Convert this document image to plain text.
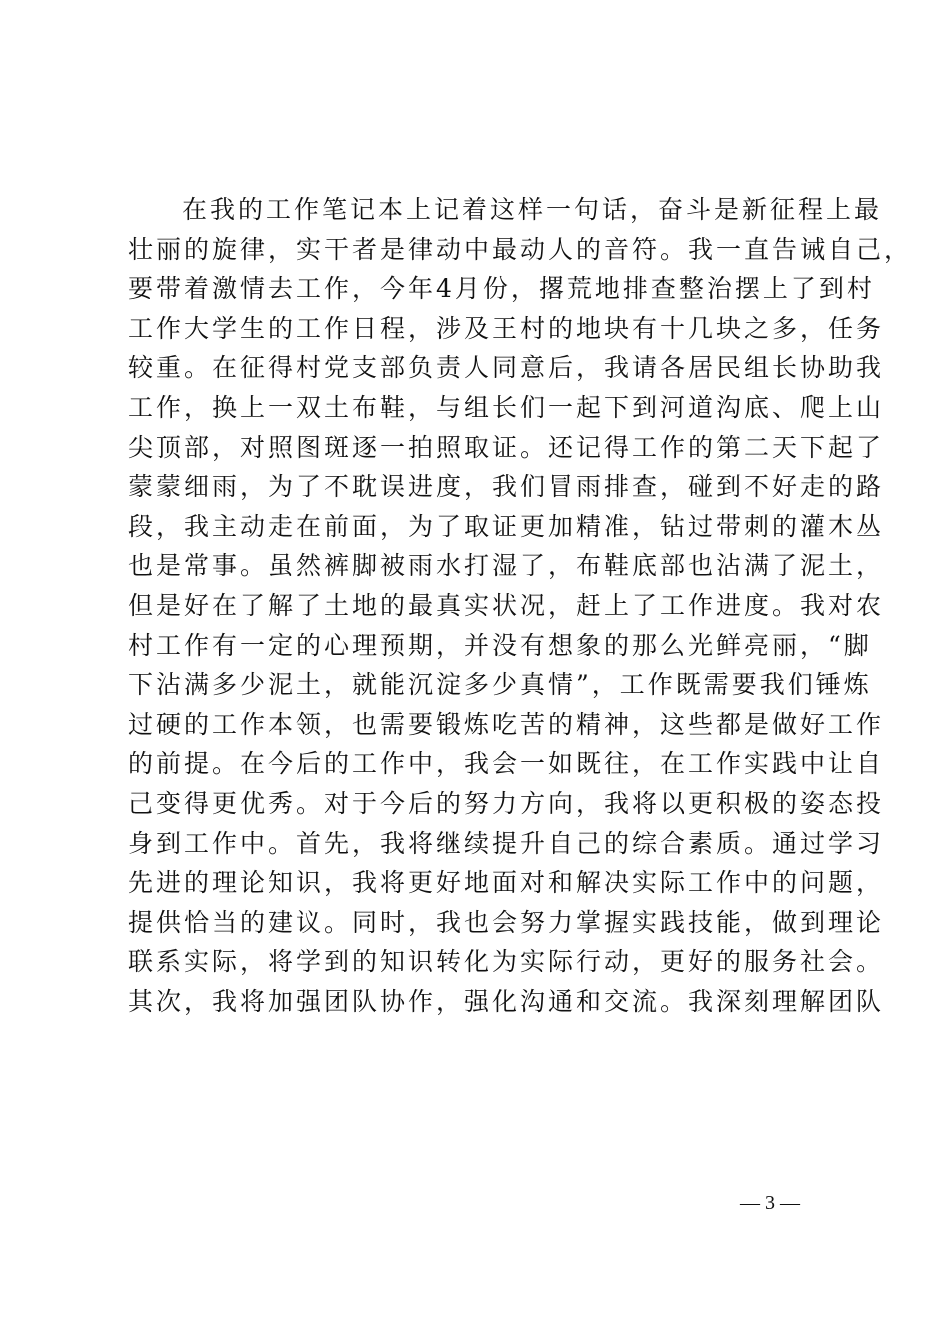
在我的工作笔记本上记着这样一句话，奋斗是新征程上最
壮丽的旋律，实干者是律动中最动人的音符。我一直告诫自己，
要带着激情去工作，今年4月份，撂荒地排查整治摆上了到村
工作大学生的工作日程，涉及王村的地块有十几块之多，任务
较重。在征得村党支部负责人同意后，我请各居民组长协助我
工作，换上一双土布鞋，与组长们一起下到河道沟底、爬上山
尖顶部，对照图斑逐一拍照取证。还记得工作的第二天下起了
蒙蒙细雨，为了不耽误进度，我们冒雨排查，碰到不好走的路
段，我主动走在前面，为了取证更加精准，钻过带刺的灌木丛
也是常事。虽然裤脚被雨水打湿了，布鞋底部也沾满了泥土，
但是好在了解了土地的最真实状况，赶上了工作进度。我对农
村工作有一定的心理预期，并没有想象的那么光鲜亮丽，“脚
下沾满多少泥土，就能沉淀多少真情”，工作既需要我们锤炼
过硬的工作本领，也需要锻炼吃苦的精神，这些都是做好工作
的前提。在今后的工作中，我会一如既往，在工作实践中让自
己变得更优秀。对于今后的努力方向，我将以更积极的姿态投
身到工作中。首先，我将继续提升自己的综合素质。通过学习
先进的理论知识，我将更好地面对和解决实际工作中的问题，
提供恰当的建议。同时，我也会努力掌握实践技能，做到理论
联系实际，将学到的知识转化为实际行动，更好的服务社会。
其次，我将加强团队协作，强化沟通和交流。我深刻理解团队
— 3 —
